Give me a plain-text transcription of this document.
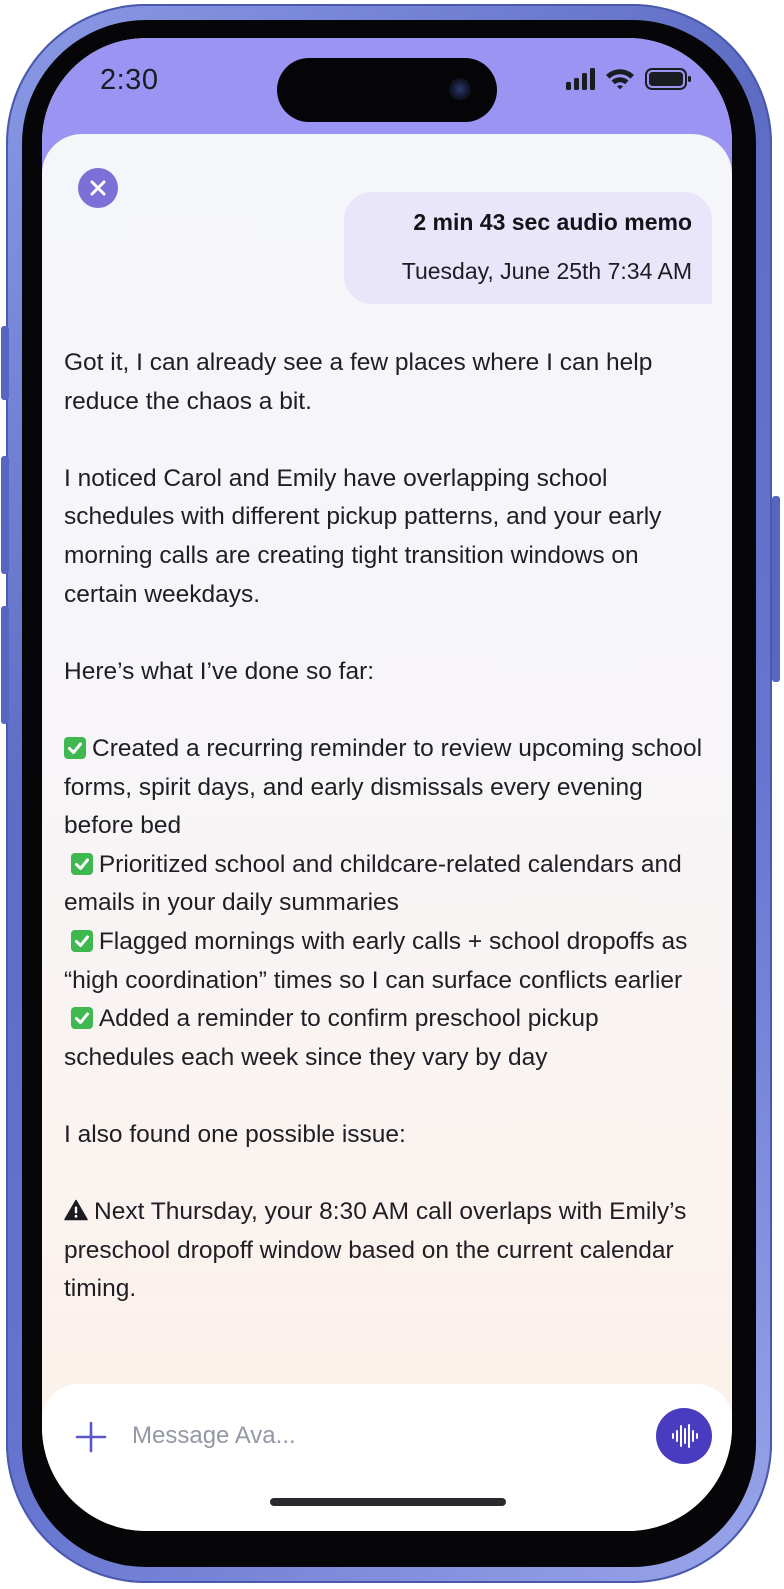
2:30
2 min 43 sec audio memo
Tuesday, June 25th 7:34 AM

Got it, I can already see a few places where I can help reduce the chaos a bit.

I noticed Carol and Emily have overlapping school schedules with different pickup patterns, and your early morning calls are creating tight transition windows on certain weekdays.

Here’s what I’ve done so far:

Created a recurring reminder to review upcoming school forms, spirit days, and early dismissals every evening before bed

Prioritized school and childcare-related calendars and emails in your daily summaries

Flagged mornings with early calls + school dropoffs as “high coordination” times so I can surface conflicts earlier

Added a reminder to confirm preschool pickup schedules each week since they vary by day

I also found one possible issue:

Next Thursday, your 8:30 AM call overlaps with Emily’s preschool dropoff window based on the current calendar timing.

Message Ava...
